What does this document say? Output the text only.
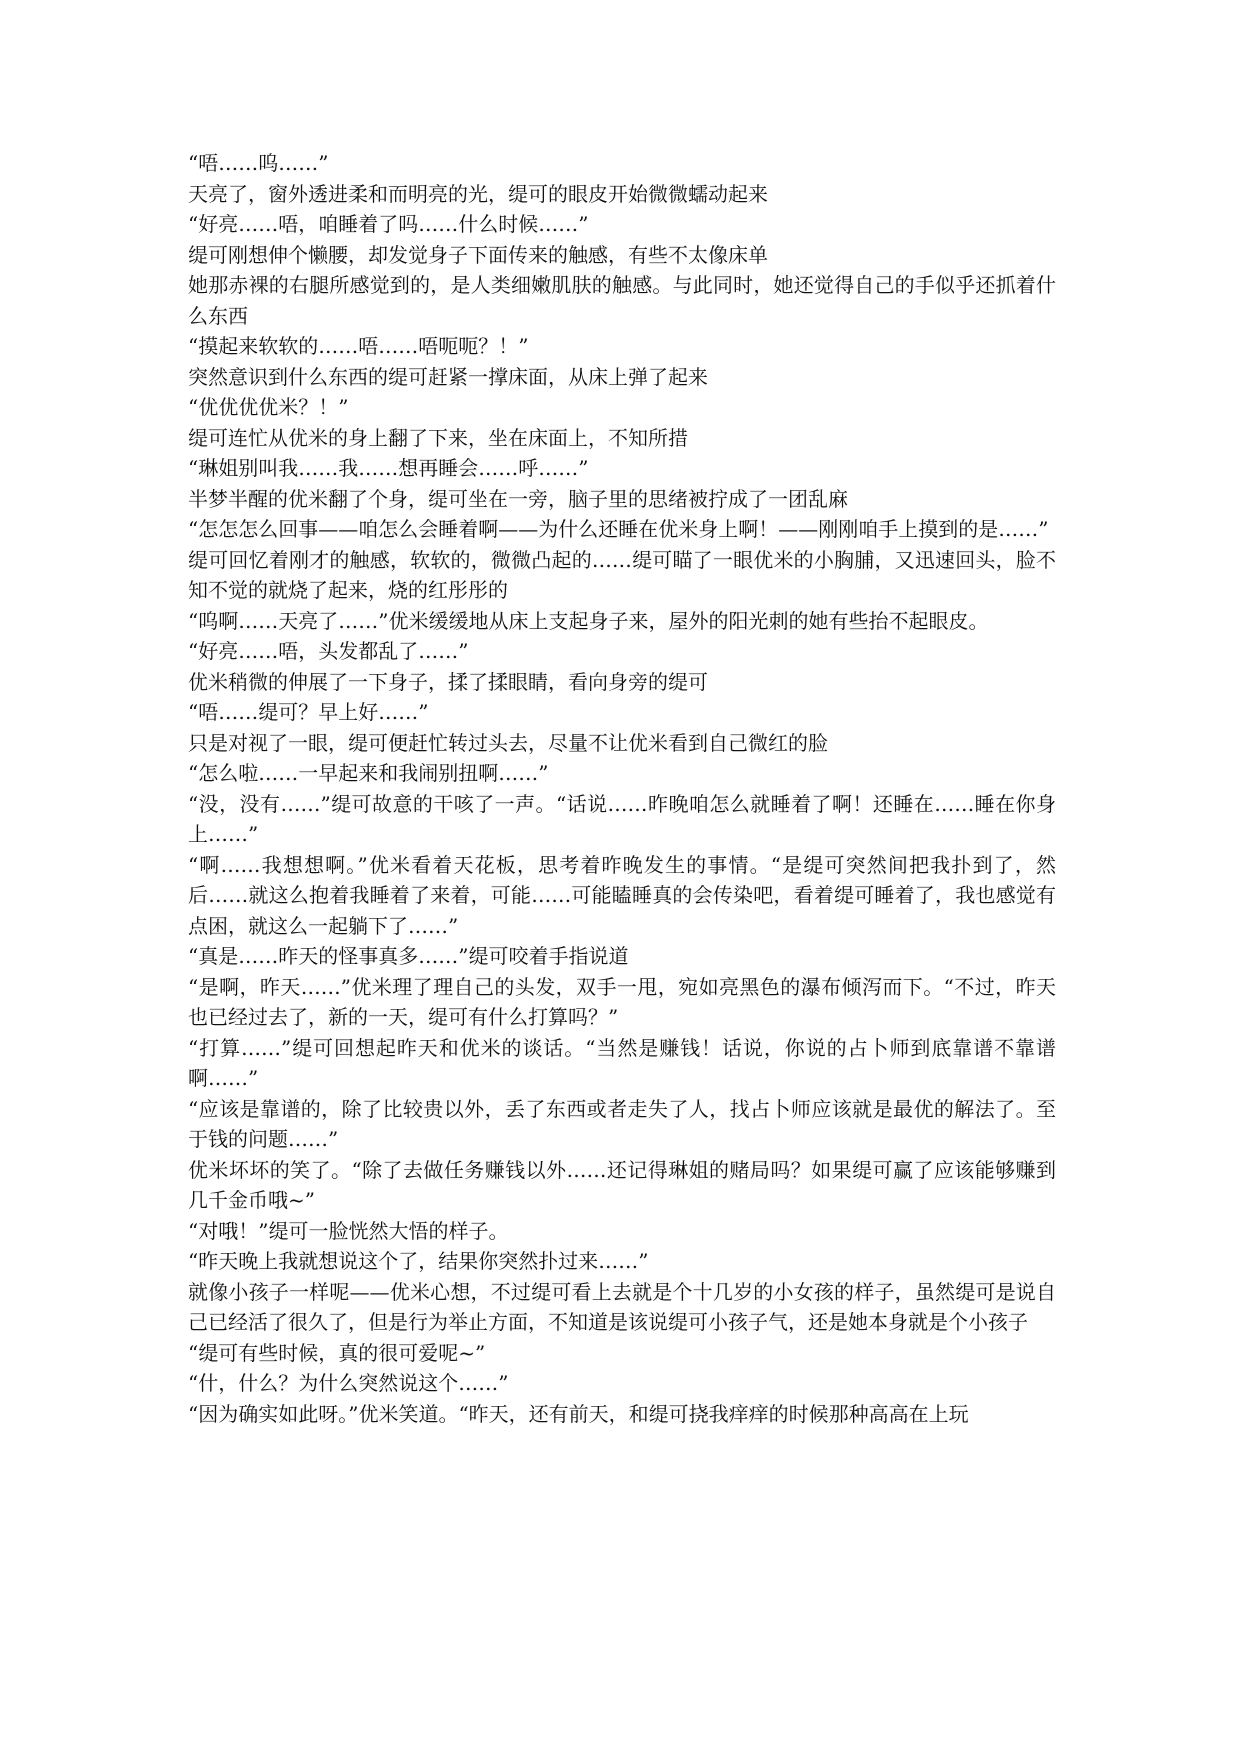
“唔……呜……”

天亮了，窗外透进柔和而明亮的光，缇可的眼皮开始微微蠕动起来

“好亮……唔，咱睡着了吗……什么时候……”

缇可刚想伸个懒腰，却发觉身子下面传来的触感，有些不太像床单

她那赤裸的右腿所感觉到的，是人类细嫩肌肤的触感。与此同时，她还觉得自己的手似乎还抓着什么东西

“摸起来软软的……唔……唔呃呃？！”

突然意识到什么东西的缇可赶紧一撑床面，从床上弹了起来

“优优优优米？！”

缇可连忙从优米的身上翻了下来，坐在床面上，不知所措

“琳姐别叫我……我……想再睡会……呼……”

半梦半醒的优米翻了个身，缇可坐在一旁，脑子里的思绪被拧成了一团乱麻

“怎怎怎么回事——咱怎么会睡着啊——为什么还睡在优米身上啊！——刚刚咱手上摸到的是……”

缇可回忆着刚才的触感，软软的，微微凸起的……缇可瞄了一眼优米的小胸脯，又迅速回头，脸不知不觉的就烧了起来，烧的红彤彤的

“呜啊……天亮了……”优米缓缓地从床上支起身子来，屋外的阳光刺的她有些抬不起眼皮。

“好亮……唔，头发都乱了……”

优米稍微的伸展了一下身子，揉了揉眼睛，看向身旁的缇可

“唔……缇可？早上好……”

只是对视了一眼，缇可便赶忙转过头去，尽量不让优米看到自己微红的脸

“怎么啦……一早起来和我闹别扭啊……”

“没，没有……”缇可故意的干咳了一声。“话说……昨晚咱怎么就睡着了啊！还睡在……睡在你身上……”

“啊……我想想啊。”优米看着天花板，思考着昨晚发生的事情。“是缇可突然间把我扑到了，然后……就这么抱着我睡着了来着，可能……可能瞌睡真的会传染吧，看着缇可睡着了，我也感觉有点困，就这么一起躺下了……”

“真是……昨天的怪事真多……”缇可咬着手指说道

“是啊，昨天……”优米理了理自己的头发，双手一甩，宛如亮黑色的瀑布倾泻而下。“不过，昨天也已经过去了，新的一天，缇可有什么打算吗？”

“打算……”缇可回想起昨天和优米的谈话。“当然是赚钱！话说，你说的占卜师到底靠谱不靠谱啊……”

“应该是靠谱的，除了比较贵以外，丢了东西或者走失了人，找占卜师应该就是最优的解法了。至于钱的问题……”

优米坏坏的笑了。“除了去做任务赚钱以外……还记得琳姐的赌局吗？如果缇可赢了应该能够赚到几千金币哦~”

“对哦！”缇可一脸恍然大悟的样子。

“昨天晚上我就想说这个了，结果你突然扑过来……”

就像小孩子一样呢——优米心想，不过缇可看上去就是个十几岁的小女孩的样子，虽然缇可是说自己已经活了很久了，但是行为举止方面，不知道是该说缇可小孩子气，还是她本身就是个小孩子

“缇可有些时候，真的很可爱呢~”

“什，什么？为什么突然说这个……”

“因为确实如此呀。”优米笑道。“昨天，还有前天，和缇可挠我痒痒的时候那种高高在上玩
